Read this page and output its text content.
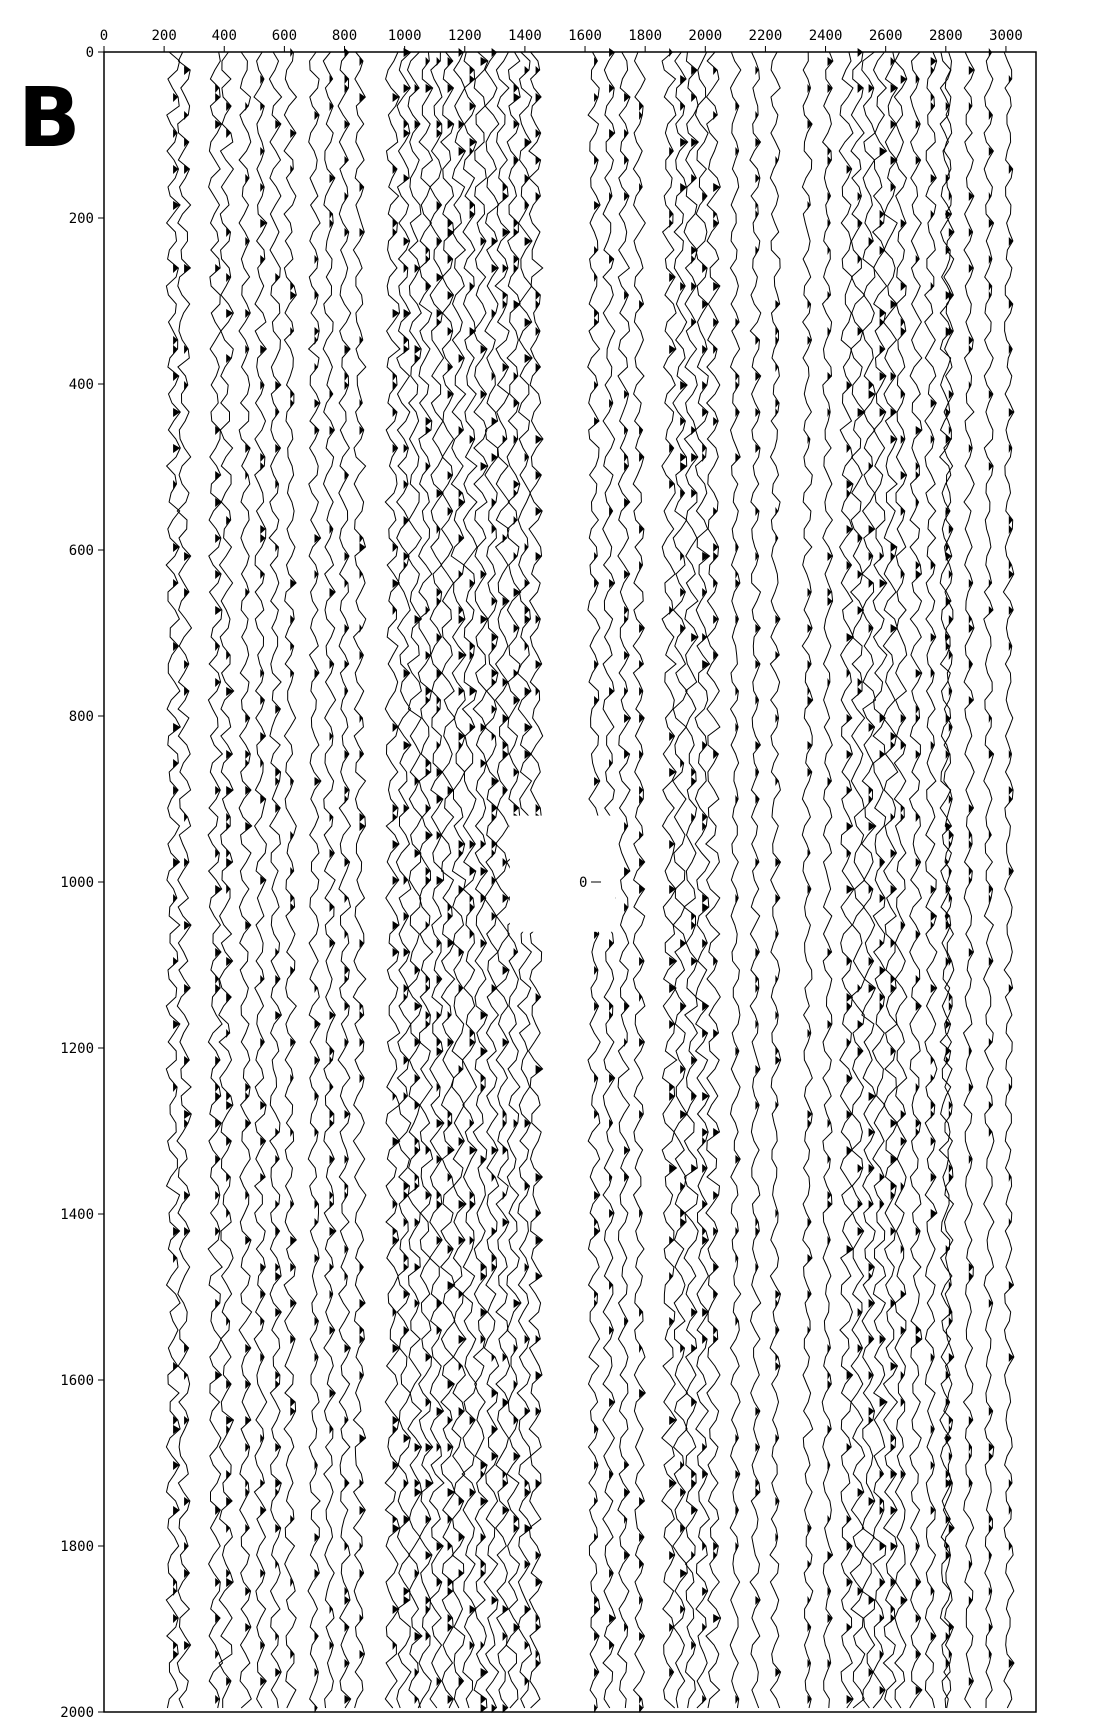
B
0	200 400 600 800 1000 1200 1400 1600 1800 2000 2200 2400 2600 2800 3000
0
200
400
600
800
1000
1200
1400
1600
1800
2000
0
